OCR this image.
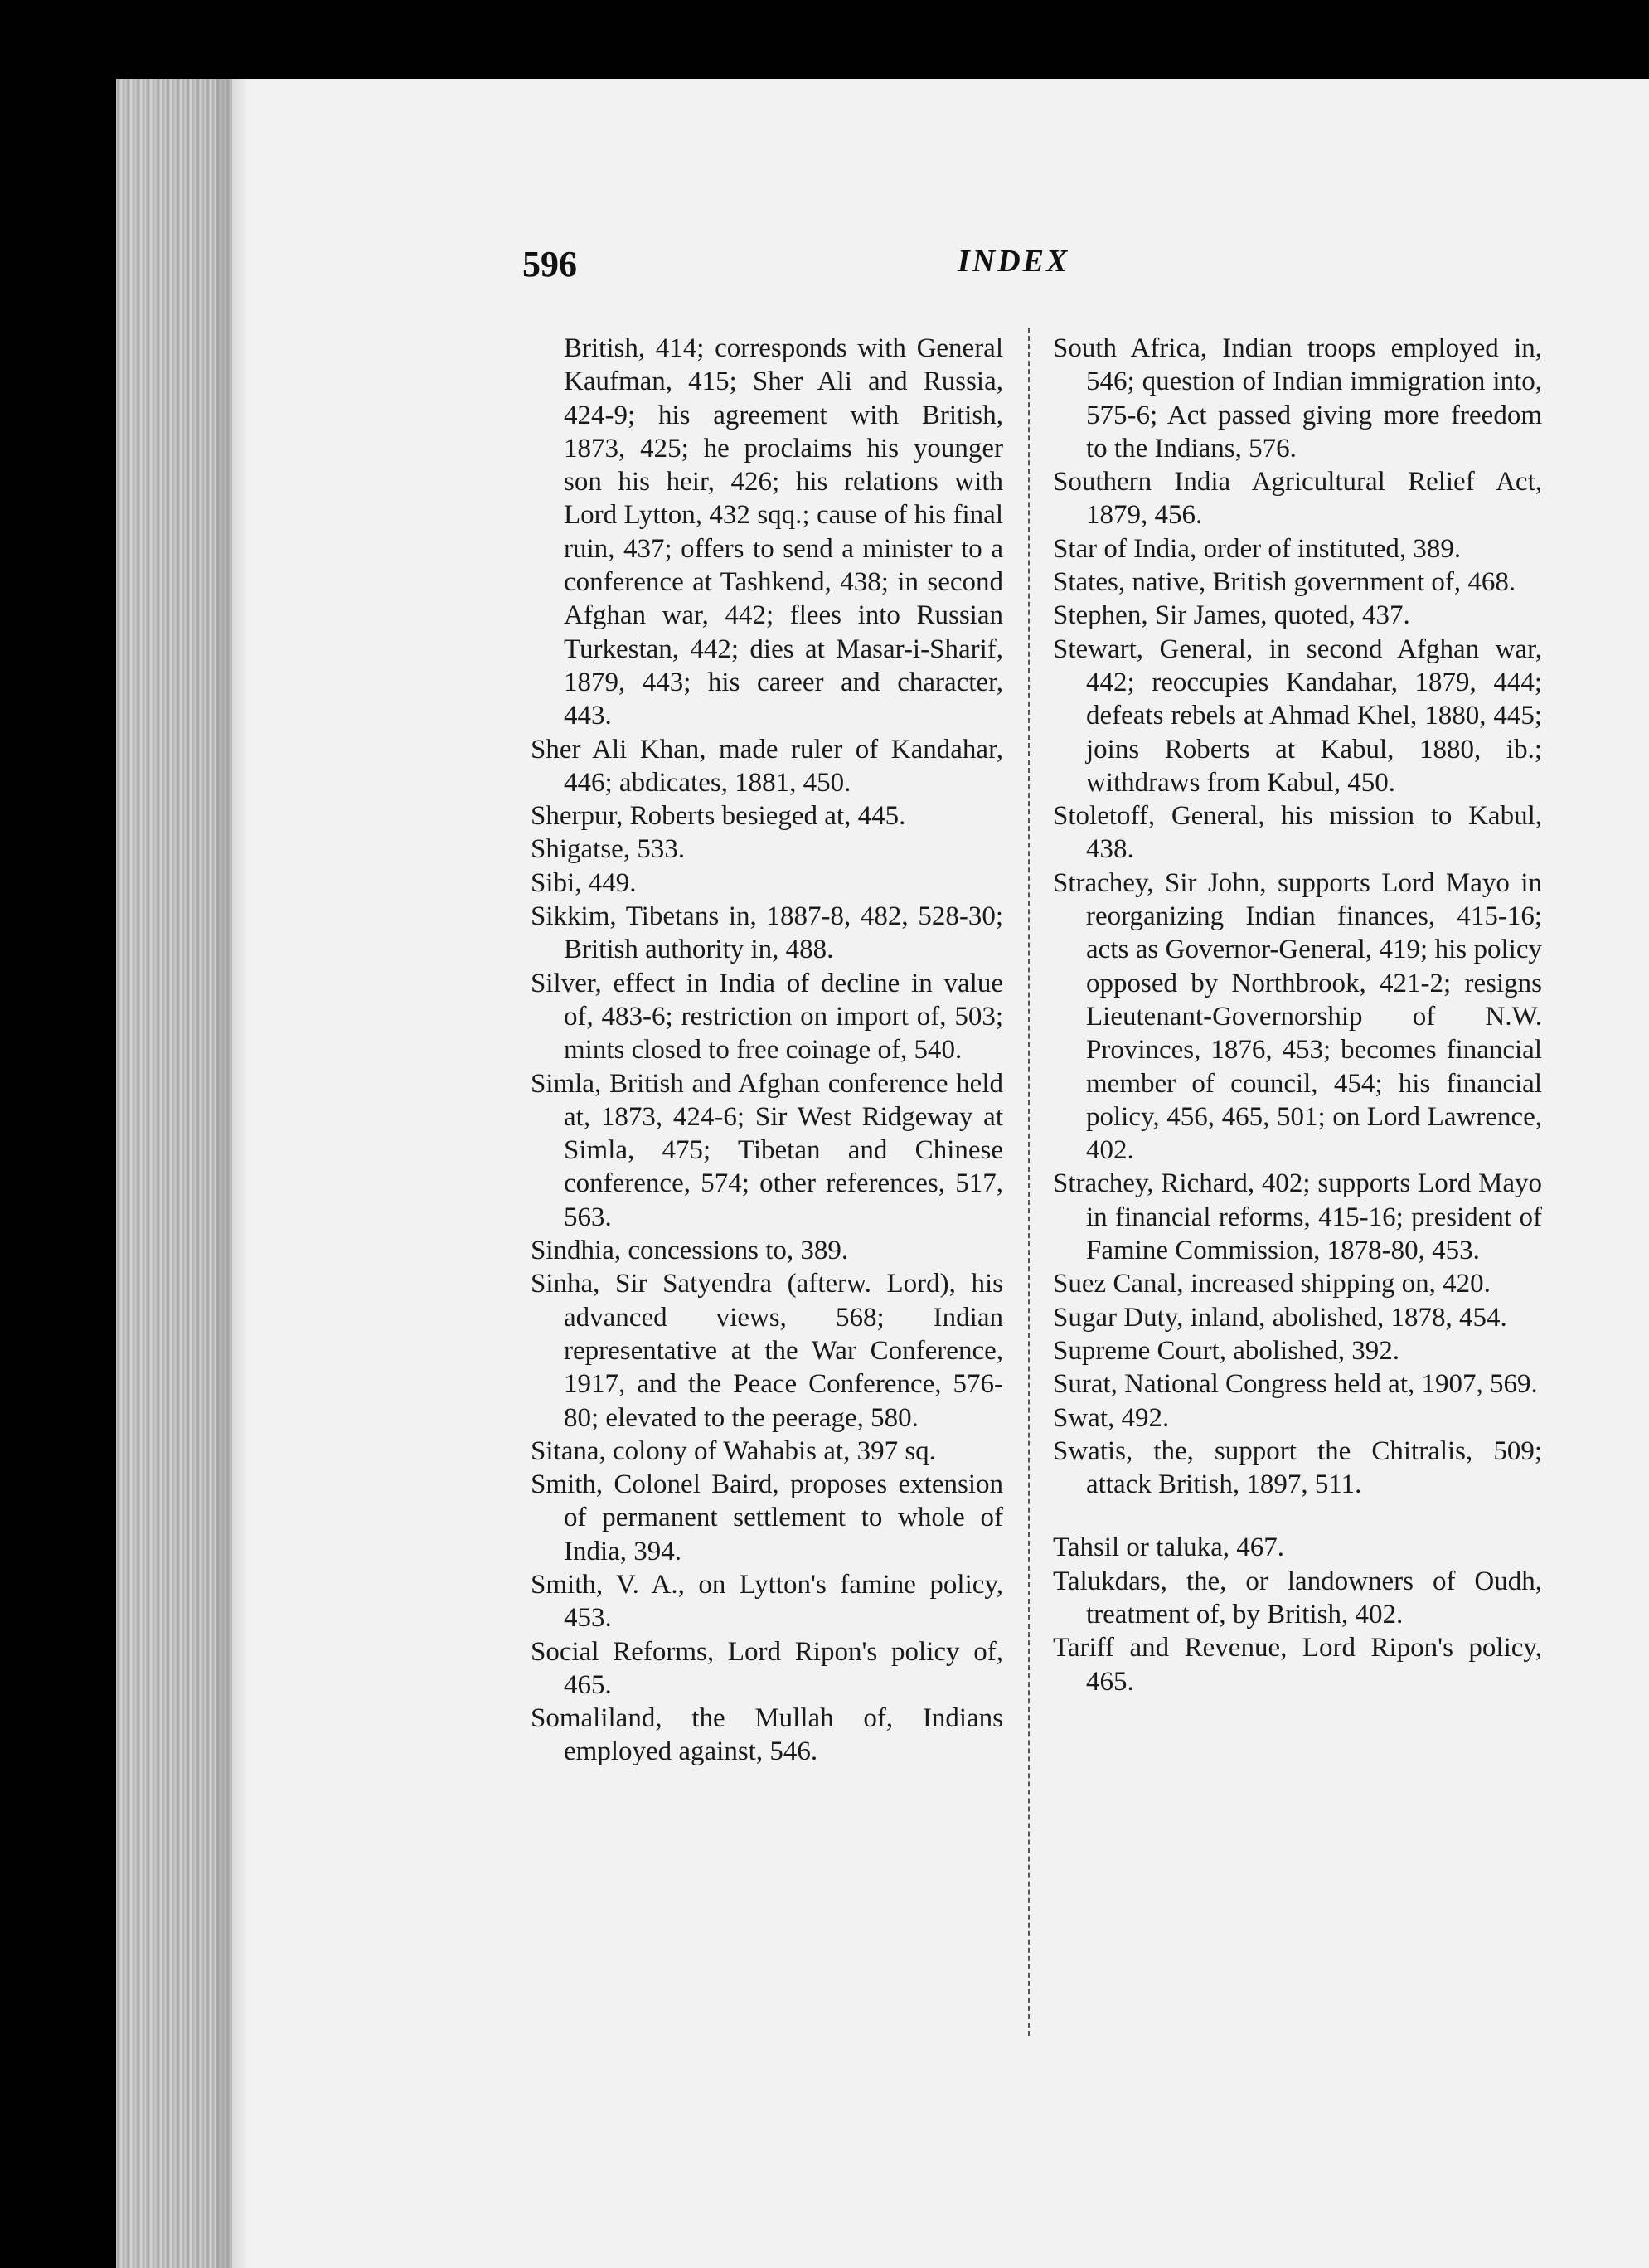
596	INDEX

British, 414; corresponds with General Kaufman, 415; Sher Ali and Russia, 424-9; his agreement with British, 1873, 425; he proclaims his younger son his heir, 426; his relations with Lord Lytton, 432 sqq.; cause of his final ruin, 437; offers to send a minister to a conference at Tashkend, 438; in second Afghan war, 442; flees into Russian Turkestan, 442; dies at Masar-i-Sharif, 1879, 443; his career and character, 443.

Sher Ali Khan, made ruler of Kandahar, 446; abdicates, 1881, 450.

Sherpur, Roberts besieged at, 445.

Shigatse, 533.

Sibi, 449.

Sikkim, Tibetans in, 1887-8, 482, 528-30; British authority in, 488.

Silver, effect in India of decline in value of, 483-6; restriction on import of, 503; mints closed to free coinage of, 540.

Simla, British and Afghan conference held at, 1873, 424-6; Sir West Ridgeway at Simla, 475; Tibetan and Chinese conference, 574; other references, 517, 563.

Sindhia, concessions to, 389.

Sinha, Sir Satyendra (afterw. Lord), his advanced views, 568; Indian representative at the War Conference, 1917, and the Peace Conference, 576-80; elevated to the peerage, 580.

Sitana, colony of Wahabis at, 397 sq.

Smith, Colonel Baird, proposes extension of permanent settlement to whole of India, 394.

Smith, V. A., on Lytton's famine policy, 453.

Social Reforms, Lord Ripon's policy of, 465.

Somaliland, the Mullah of, Indians employed against, 546.

South Africa, Indian troops employed in, 546; question of Indian immigration into, 575-6; Act passed giving more freedom to the Indians, 576.

Southern India Agricultural Relief Act, 1879, 456.

Star of India, order of instituted, 389.

States, native, British government of, 468.

Stephen, Sir James, quoted, 437.

Stewart, General, in second Afghan war, 442; reoccupies Kandahar, 1879, 444; defeats rebels at Ahmad Khel, 1880, 445; joins Roberts at Kabul, 1880, ib.; withdraws from Kabul, 450.

Stoletoff, General, his mission to Kabul, 438.

Strachey, Sir John, supports Lord Mayo in reorganizing Indian finances, 415-16; acts as Governor-General, 419; his policy opposed by Northbrook, 421-2; resigns Lieutenant-Governorship of N.W. Provinces, 1876, 453; becomes financial member of council, 454; his financial policy, 456, 465, 501; on Lord Lawrence, 402.

Strachey, Richard, 402; supports Lord Mayo in financial reforms, 415-16; president of Famine Commission, 1878-80, 453.

Suez Canal, increased shipping on, 420.

Sugar Duty, inland, abolished, 1878, 454.

Supreme Court, abolished, 392.

Surat, National Congress held at, 1907, 569.

Swat, 492.

Swatis, the, support the Chitralis, 509; attack British, 1897, 511.

Tahsil or taluka, 467.

Talukdars, the, or landowners of Oudh, treatment of, by British, 402.

Tariff and Revenue, Lord Ripon's policy, 465.
